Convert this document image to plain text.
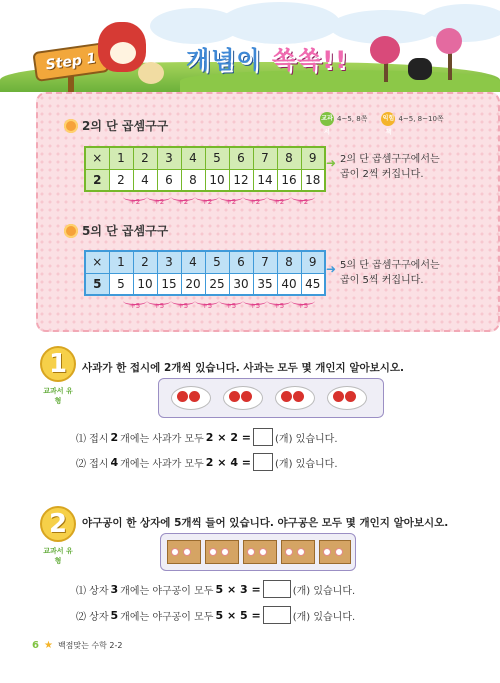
Step 1	개념이 쏙쏙!!
교과서
4~5, 8쪽	익힘책
4~5, 8~10쪽
2의 단 곱셈구구
×	1	2	3	4	5	6	7	8	9
2	2	4	6	8	10	12	14	16	18
+2	+2	+2	+2	+2	+2	+2	+2
➜ 2의 단 곱셈구구에서는
곱이 2씩 커집니다.
5의 단 곱셈구구
×	1	2	3	4	5	6	7	8	9
5	5	10	15	20	25	30	35	40	45
+5	+5	+5	+5	+5	+5	+5	+5
➜ 5의 단 곱셈구구에서는
곱이 5씩 커집니다.
1
교과서 유형
사과가 한 접시에 2개씩 있습니다. 사과는 모두 몇 개인지 알아보시오.
⑴ 접시 2 개에는 사과가 모두 2 × 2 = (개) 있습니다.
⑵ 접시 4 개에는 사과가 모두 2 × 4 = (개) 있습니다.
2
교과서 유형
야구공이 한 상자에 5개씩 들어 있습니다. 야구공은 모두 몇 개인지 알아보시오.
⑴ 상자 3 개에는 야구공이 모두 5 × 3 =	(개) 있습니다.
⑵ 상자 5 개에는 야구공이 모두 5 × 5 =	(개) 있습니다.
6 ★ 백점맞는 수학 2-2
